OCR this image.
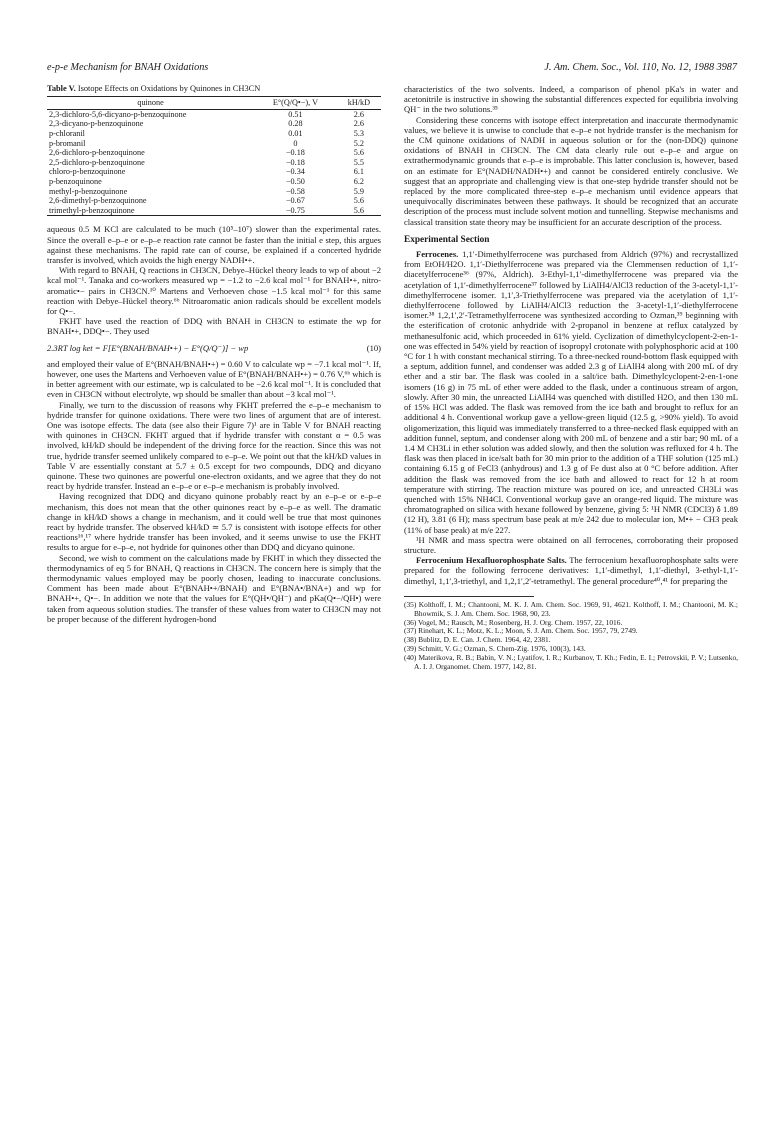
e-p-e Mechanism for BNAH Oxidations	J. Am. Chem. Soc., Vol. 110, No. 12, 1988 3987
Table V. Isotope Effects on Oxidations by Quinones in CH3CN
quinone	E°(Q/Q•−), V	kH/kD
2,3-dichloro-5,6-dicyano-p-benzoquinone	0.51	2.6
2,3-dicyano-p-benzoquinone	0.28	2.6
p-chloranil	0.01	5.3
p-bromanil	0	5.2
2,6-dichloro-p-benzoquinone	−0.18	5.6
2,5-dichloro-p-benzoquinone	−0.18	5.5
chloro-p-benzoquinone	−0.34	6.1
p-benzoquinone	−0.50	6.2
methyl-p-benzoquinone	−0.58	5.9
2,6-dimethyl-p-benzoquinone	−0.67	5.6
trimethyl-p-benzoquinone	−0.75	5.6

aqueous 0.5 M KCl are calculated to be much (10⁵–10⁷) slower than the experimental rates. Since the overall e–p–e or e–p–e reaction rate cannot be faster than the initial e step, this argues against these mechanisms. The rapid rate can of course, be explained if a concerted hydride transfer is involved, which avoids the high energy NADH•+.

With regard to BNAH, Q reactions in CH3CN, Debye–Hückel theory leads to wp of about −2 kcal mol⁻¹. Tanaka and co-workers measured wp = −1.2 to −2.6 kcal mol⁻¹ for BNAH•+, nitro-aromatic•− pairs in CH3CN.¹⁰ Martens and Verhoeven chose −1.5 kcal mol⁻¹ for this same reaction with Debye–Hückel theory.⁶ᵇ Nitroaromatic anion radicals should be excellent models for Q•−.

FKHT have used the reaction of DDQ with BNAH in CH3CN to estimate the wp for BNAH•+, DDQ•−. They used

2.3RT log ket = F[E°(BNAH/BNAH•+) − E°(Q/Q⁻)] − wp	(10)

and employed their value of E°(BNAH/BNAH•+) = 0.60 V to calculate wp = −7.1 kcal mol⁻¹. If, however, one uses the Martens and Verhoeven value of E°(BNAH/BNAH•+) = 0.76 V,⁶ᵇ which is in better agreement with our estimate, wp is calculated to be −2.6 kcal mol⁻¹. It is concluded that even in CH3CN without electrolyte, wp should be smaller than about −3 kcal mol⁻¹.

Finally, we turn to the discussion of reasons why FKHT preferred the e–p–e mechanism to hydride transfer for quinone oxidations. There were two lines of argument that are of interest. One was isotope effects. The data (see also their Figure 7)¹ are in Table V for BNAH reacting with quinones in CH3CN. FKHT argued that if hydride transfer with constant α = 0.5 was involved, kH/kD should be independent of the driving force for the reaction. Since this was not true, hydride transfer seemed unlikely compared to e–p–e. We point out that the kH/kD values in Table V are essentially constant at 5.7 ± 0.5 except for two compounds, DDQ and dicyano quinone. These two quinones are powerful one-electron oxidants, and we agree that they do not react by hydride transfer. Instead an e–p–e or e–p–e mechanism is probably involved.

Having recognized that DDQ and dicyano quinone probably react by an e–p–e or e–p–e mechanism, this does not mean that the other quinones react by e–p–e as well. The dramatic change in kH/kD shows a change in mechanism, and it could well be true that most quinones react by hydride transfer. The observed kH/kD ≃ 5.7 is consistent with isotope effects for other reactions¹⁶,¹⁷ where hydride transfer has been invoked, and it seems unwise to use the FKHT results to argue for e–p–e, not hydride for quinones other than DDQ and dicyano quinone.

Second, we wish to comment on the calculations made by FKHT in which they dissected the thermodynamics of eq 5 for BNAH, Q reactions in CH3CN. The concern here is simply that the thermodynamic values employed may be poorly chosen, leading to inaccurate conclusions. Comment has been made about E°(BNAH•+/BNAH) and E°(BNA•/BNA+) and wp for BNAH•+, Q•−. In addition we note that the values for E°(QH•/QH⁻) and pKa(Q•−/QH•) were taken from aqueous solution studies. The transfer of these values from water to CH3CN may not be proper because of the different hydrogen-bond

characteristics of the two solvents. Indeed, a comparison of phenol pKa's in water and acetonitrile is instructive in showing the substantial differences expected for equilibria involving QH⁻ in the two solutions.³⁵

Considering these concerns with isotope effect interpretation and inaccurate thermodynamic values, we believe it is unwise to conclude that e–p–e not hydride transfer is the mechanism for the CM quinone oxidations of NADH in aqueous solution or for the (non-DDQ) quinone oxidations of BNAH in CH3CN. The CM data clearly rule out e–p–e and argue on extrathermodynamic grounds that e–p–e is improbable. This latter conclusion is, however, based on an estimate for E°(NADH/NADH•+) and cannot be considered entirely conclusive. We suggest that an appropriate and challenging view is that one-step hydride transfer should not be replaced by the more complicated three-step e–p–e mechanism until evidence appears that unequivocally discriminates between these pathways. It should be recognized that an accurate description of the process must include solvent motion and tunnelling. Stepwise mechanisms and classical transition state theory may be insufficient for an accurate description of the process.

Experimental Section

Ferrocenes. 1,1′-Dimethylferrocene was purchased from Aldrich (97%) and recrystallized from EtOH/H2O. 1,1′-Diethylferrocene was prepared via the Clemmensen reduction of 1,1′-diacetylferrocene³⁶ (97%, Aldrich). 3-Ethyl-1,1′-dimethylferrocene was prepared via the acetylation of 1,1′-dimethylferrocene³⁷ followed by LiAlH4/AlCl3 reduction of the 3-acetyl-1,1′-dimethylferrocene isomer. 1,1′,3-Triethylferrocene was prepared via the acetylation of 1,1′-diethylferrocene followed by LiAlH4/AlCl3 reduction the 3-acetyl-1,1′-diethylferrocene isomer.³⁸ 1,2,1′,2′-Tetramethylferrocene was synthesized according to Ozman,³⁹ beginning with the esterification of crotonic anhydride with 2-propanol in benzene at reflux catalyzed by methanesulfonic acid, which proceeded in 61% yield. Cyclization of dimethylcyclopent-2-en-1-one was effected in 54% yield by reaction of isopropyl crotonate with polyphosphoric acid at 100 °C for 1 h with constant mechanical stirring. To a three-necked round-bottom flask equipped with a septum, addition funnel, and condenser was added 2.3 g of LiAlH4 along with 200 mL of dry ether and a stir bar. The flask was cooled in a salt/ice bath. Dimethylcyclopent-2-en-1-one isomers (16 g) in 75 mL of ether were added to the flask, under a continuous stream of argon, slowly. After 30 min, the unreacted LiAlH4 was quenched with distilled H2O, and then 130 mL of 15% HCl was added. The flask was removed from the ice bath and brought to reflux for an additional 4 h. Conventional workup gave a yellow-green liquid (12.5 g, >90% yield). To avoid oligomerization, this liquid was immediately transferred to a three-necked flask equipped with an addition funnel, septum, and condenser along with 200 mL of benzene and a stir bar; 90 mL of a 1.4 M CH3Li in ether solution was added slowly, and then the solution was refluxed for 4 h. The flask was then placed in ice/salt bath for 30 min prior to the addition of a THF solution (125 mL) containing 6.15 g of FeCl3 (anhydrous) and 1.3 g of Fe dust also at 0 °C before addition. After addition the flask was removed from the ice bath and allowed to react for 12 h at room temperature with stirring. The reaction mixture was poured on ice, and unreacted CH3Li was quenched with 15% NH4Cl. Conventional workup gave an orange-red liquid. The mixture was chromatographed on silica with hexane followed by benzene, giving 5: ¹H NMR (CDCl3) δ 1.89 (12 H), 3.81 (6 H); mass spectrum base peak at m/e 242 due to molecular ion, M•+ − CH3 peak (11% of base peak) at m/e 227.

¹H NMR and mass spectra were obtained on all ferrocenes, corroborating their proposed structure.

Ferrocenium Hexafluorophosphate Salts. The ferrocenium hexafluorophosphate salts were prepared for the following ferrocene derivatives: 1,1′-dimethyl, 1,1′-diethyl, 3-ethyl-1,1′-dimethyl, 1,1′,3-triethyl, and 1,2,1′,2′-tetramethyl. The general procedure⁴⁰,⁴¹ for preparing the

(35) Kolthoff, I. M.; Chantooni, M. K. J. Am. Chem. Soc. 1969, 91, 4621. Kolthoff, I. M.; Chantooni, M. K.; Bhowmik, S. J. Am. Chem. Soc. 1968, 90, 23.
(36) Vogel, M.; Rausch, M.; Rosenberg, H. J. Org. Chem. 1957, 22, 1016.
(37) Rinehart, K. L.; Motz, K. L.; Moon, S. J. Am. Chem. Soc. 1957, 79, 2749.
(38) Bublitz, D. E. Can. J. Chem. 1964, 42, 2381.
(39) Schmitt, V. G.; Ozman, S. Chem-Zig. 1976, 100(3), 143.
(40) Materikova, R. B.; Babin, V. N.; Lyatifov, I. R.; Kurbanov, T. Kh.; Fedin, E. I.; Petrovskii, P. V.; Lutsenko, A. I. J. Organomet. Chem. 1977, 142, 81.
